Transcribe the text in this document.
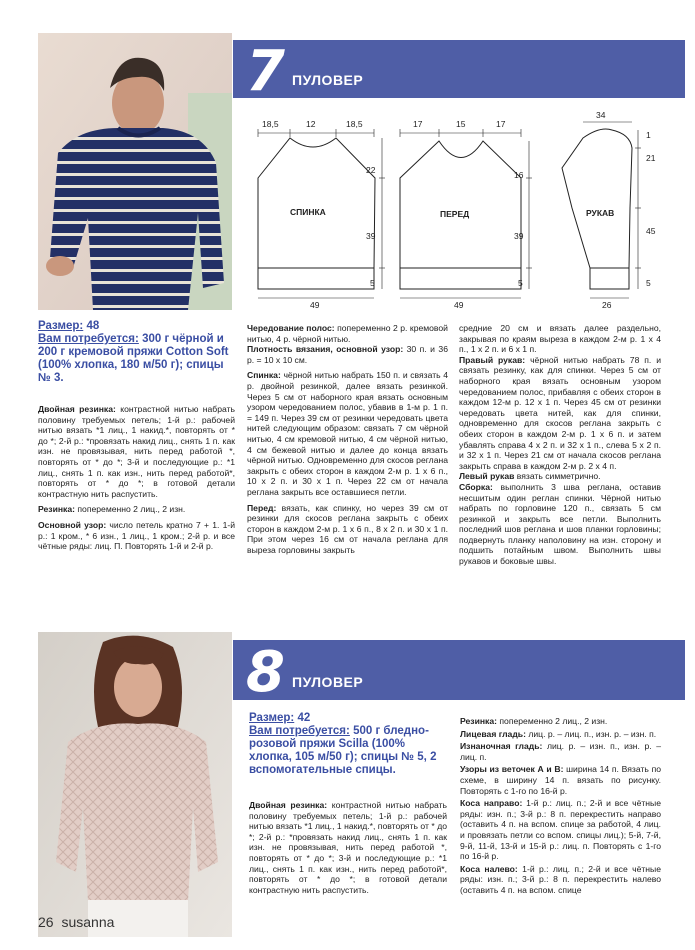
7 ПУЛОВЕР
18,5	12	18,5
22
39
5
49
СПИНКА
17	15	17
16
39
5
49
ПЕРЕД
34
1
21
45
5
26
РУКАВ
Размер: 48
Вам потребуется: 300 г чёрной и 200 г кремовой пряжи Cotton Soft (100% хлопка, 180 м/50 г); спицы № 3.

Двойная резинка: контрастной нитью набрать половину требуемых петель; 1-й р.: рабочей нитью вязать *1 лиц., 1 накид.*, повторять от * до *; 2-й р.: *провязать накид лиц., снять 1 п. как изн. не провязывая, нить перед работой *, повторять от * до *; 3-й и последующие р.: *1 лиц., снять 1 п. как изн., нить перед работой*, повторять от * до *; в готовой детали контрастную нить распустить.

Резинка: попеременно 2 лиц., 2 изн.

Основной узор: число петель кратно 7 + 1. 1-й р.: 1 кром., * 6 изн., 1 лиц., 1 кром.; 2-й р. и все чётные ряды: лиц. П. Повторять 1-й и 2-й р.

Чередование полос: попеременно 2 р. кремовой нитью, 4 р. чёрной нитью.
Плотность вязания, основной узор: 30 п. и 36 р. = 10 х 10 см.

Спинка: чёрной нитью набрать 150 п. и связать 4 р. двойной резинкой, далее вязать резинкой. Через 5 см от наборного края вязать основным узором чередованием полос, убавив в 1-м р. 1 п. = 149 п. Через 39 см от резинки чередовать цвета нитей следующим образом: связать 7 см чёрной нитью, 4 см кремовой нитью, 4 см чёрной нитью, 4 см бежевой нитью и далее до конца вязать чёрной нитью. Одновременно для скосов реглана закрыть с обеих сторон в каждом 2-м р. 1 х 6 п., 10 х 2 п. и 30 х 1 п. Через 22 см от начала реглана закрыть все оставшиеся петли.

Перед: вязать, как спинку, но через 39 см от резинки для скосов реглана закрыть с обеих сторон в каждом 2-м р. 1 х 6 п., 8 х 2 п. и 30 х 1 п. При этом через 16 см от начала реглана для выреза горловины закрыть

средние 20 см и вязать далее раздельно, закрывая по краям выреза в каждом 2-м р. 1 х 4 п., 1 х 2 п. и 6 х 1 п.
Правый рукав: чёрной нитью набрать 78 п. и связать резинку, как для спинки. Через 5 см от наборного края вязать основным узором чередованием полос, прибавляя с обеих сторон в каждом 12-м р. 12 х 1 п. Через 45 см от резинки чередовать цвета нитей, как для спинки, одновременно для скосов реглана закрыть с обеих сторон в каждом 2-м р. 1 х 6 п. и затем убавлять справа 4 х 2 п. и 32 х 1 п., слева 5 х 2 п. и 32 х 1 п. Через 21 см от начала скосов реглана закрыть справа в каждом 2-м р. 2 х 4 п.
Левый рукав вязать симметрично.
Сборка: выполнить 3 шва реглана, оставив несшитым один реглан спинки. Чёрной нитью набрать по горловине 120 п., связать 5 см резинкой и закрыть все петли. Выполнить последний шов реглана и шов планки горловины; подвернуть планку наполовину на изн. сторону и подшить потайным швом. Выполнить швы рукавов и боковые швы.

8 ПУЛОВЕР
Размер: 42
Вам потребуется: 500 г бледно-розовой пряжи Scilla (100% хлопка, 105 м/50 г); спицы № 5, 2 вспомогательные спицы.

Двойная резинка: контрастной нитью набрать половину требуемых петель; 1-й р.: рабочей нитью вязать *1 лиц., 1 накид.*, повторять от * до *; 2-й р.: *провязать накид лиц., снять 1 п. как изн. не провязывая, нить перед работой *, повторять от * до *; 3-й и последующие р.: *1 лиц., снять 1 п. как изн., нить перед работой*, повторять от * до *; в готовой детали контрастную нить распустить.

Резинка: попеременно 2 лиц., 2 изн.

Лицевая гладь: лиц. р. – лиц. п., изн. р. – изн. п.

Изнаночная гладь: лиц. р. – изн. п., изн. р. – лиц. п.

Узоры из веточек А и В: ширина 14 п. Вязать по схеме, в ширину 14 п. вязать по рисунку. Повторять с 1-го по 16-й р.

Коса направо: 1-й р.: лиц. п.; 2-й и все чётные ряды: изн. п.; 3-й р.: 8 п. перекрестить направо (оставить 4 п. на вспом. спице за работой, 4 лиц. и провязать петли со вспом. спицы лиц.); 5-й, 7-й, 9-й, 11-й, 13-й и 15-й р.: лиц. п. Повторять с 1-го по 16-й р.

Коса налево: 1-й р.: лиц. п.; 2-й и все чётные ряды: изн. п.; 3-й р.: 8 п. перекрестить налево (оставить 4 п. на вспом. спице

26 susanna
